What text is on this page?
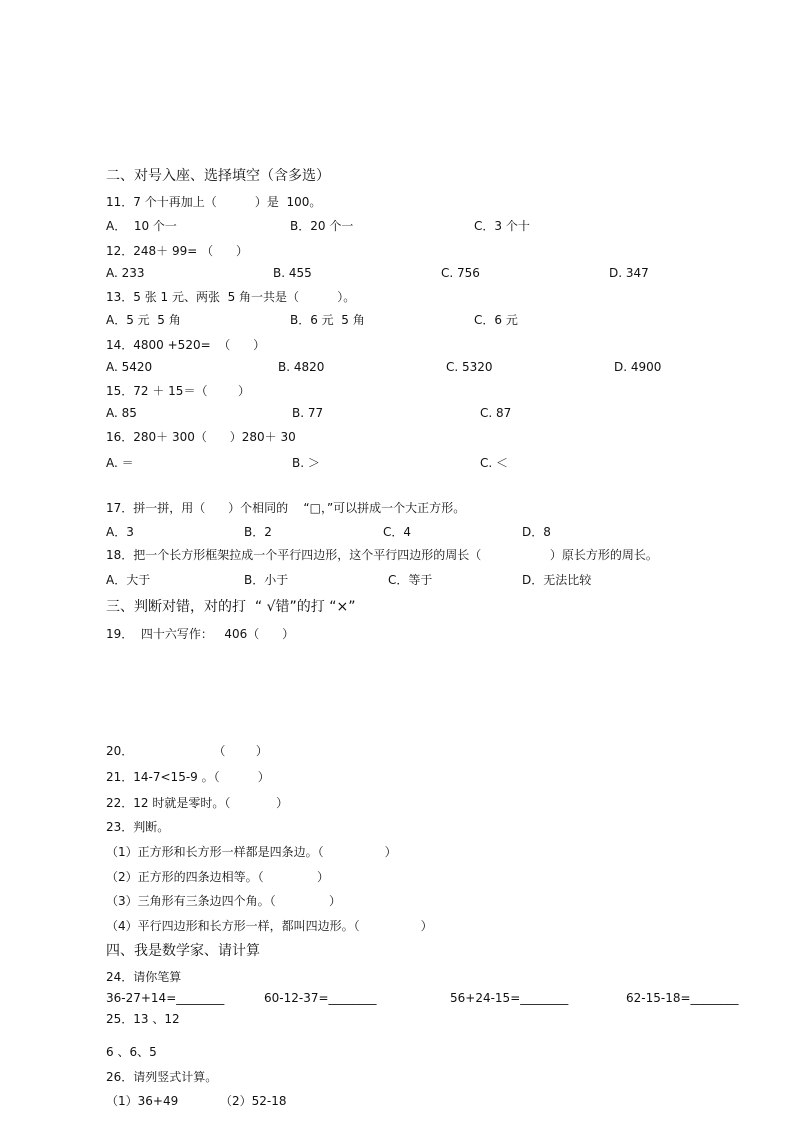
二、对号入座、选择填空（含多选）
11．7 个十再加上（          ）是  100。
A．  10 个一	B．20 个一	C．3 个十
12．248＋ 99= （      ）
A. 233	B. 455	C. 756	D. 347
13．5 张 1 元、两张  5 角一共是（          ）。
A．5 元  5 角	B．6 元  5 角	C．6 元
14．4800 +520=  （      ）
A. 5420	B. 4820	C. 5320	D. 4900
15．72 ＋ 15＝（        ）
A. 85	B. 77	C. 87
16．280＋ 300（      ）280＋ 30
A. ＝	B. ＞	C. ＜
17．拼一拼，用（      ）个相同的    “□，”可以拼成一个大正方形。
A．3	B．2	C．4	D．8
18．把一个长方形框架拉成一个平行四边形，这个平行四边形的周长（                  ）原长方形的周长。
A．大于	B．小于	C．等于	D．无法比较
三、判断对错，对的打  “ √错”的打 “×”
19．  四十六写作：   406（      ）
20．                     （        ）
21．14-7<15-9 。（          ）
22．12 时就是零时。（            ）
23．判断。
（1）正方形和长方形一样都是四条边。（                ）
（2）正方形的四条边相等。（              ）
（3）三角形有三条边四个角。（              ）
（4）平行四边形和长方形一样，都叫四边形。（                ）
四、我是数学家、请计算
24．请你笔算
36-27+14=________	60-12-37=________	56+24-15=________	62-15-18=________
25．13 、12
6 、6、5
26．请列竖式计算。
（1）36+49	（2）52-18
